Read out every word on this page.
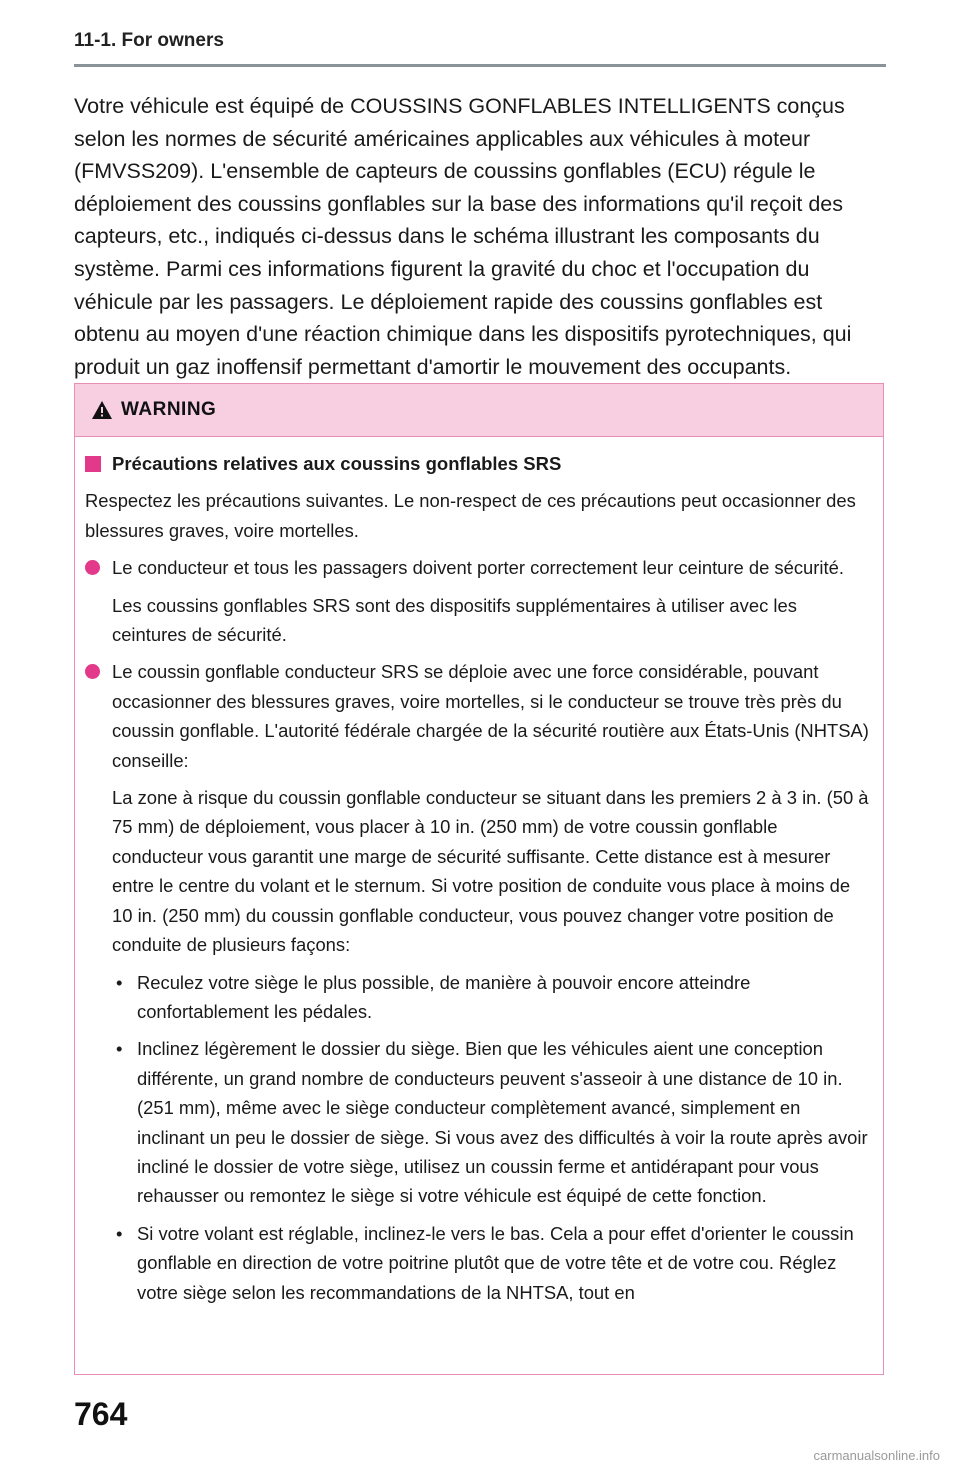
11-1. For owners

Votre véhicule est équipé de COUSSINS GONFLABLES INTELLIGENTS conçus selon les normes de sécurité américaines applicables aux véhicules à moteur (FMVSS209). L'ensemble de capteurs de coussins gonflables (ECU) régule le déploiement des coussins gonflables sur la base des informations qu'il reçoit des capteurs, etc., indiqués ci-dessus dans le schéma illustrant les composants du système. Parmi ces informations figurent la gravité du choc et l'occupation du véhicule par les passagers. Le déploiement rapide des coussins gonflables est obtenu au moyen d'une réaction chimique dans les dispositifs pyrotechniques, qui produit un gaz inoffensif permettant d'amortir le mouvement des occupants.

WARNING
Précautions relatives aux coussins gonflables SRS

Respectez les précautions suivantes. Le non-respect de ces précautions peut occasionner des blessures graves, voire mortelles.

Le conducteur et tous les passagers doivent porter correctement leur ceinture de sécurité.

Les coussins gonflables SRS sont des dispositifs supplémentaires à utiliser avec les ceintures de sécurité.

Le coussin gonflable conducteur SRS se déploie avec une force considérable, pouvant occasionner des blessures graves, voire mortelles, si le conducteur se trouve très près du coussin gonflable. L'autorité fédérale chargée de la sécurité routière aux États-Unis (NHTSA) conseille:

La zone à risque du coussin gonflable conducteur se situant dans les premiers 2 à 3 in. (50 à 75 mm) de déploiement, vous placer à 10 in. (250 mm) de votre coussin gonflable conducteur vous garantit une marge de sécurité suffisante. Cette distance est à mesurer entre le centre du volant et le sternum. Si votre position de conduite vous place à moins de 10 in. (250 mm) du coussin gonflable conducteur, vous pouvez changer votre position de conduite de plusieurs façons:

• Reculez votre siège le plus possible, de manière à pouvoir encore atteindre confortablement les pédales.
• Inclinez légèrement le dossier du siège. Bien que les véhicules aient une conception différente, un grand nombre de conducteurs peuvent s'asseoir à une distance de 10 in. (251 mm), même avec le siège conducteur complètement avancé, simplement en inclinant un peu le dossier de siège. Si vous avez des difficultés à voir la route après avoir incliné le dossier de votre siège, utilisez un coussin ferme et antidérapant pour vous rehausser ou remontez le siège si votre véhicule est équipé de cette fonction.
• Si votre volant est réglable, inclinez-le vers le bas. Cela a pour effet d'orienter le coussin gonflable en direction de votre poitrine plutôt que de votre tête et de votre cou. Réglez votre siège selon les recommandations de la NHTSA, tout en
764
carmanualsonline.info
